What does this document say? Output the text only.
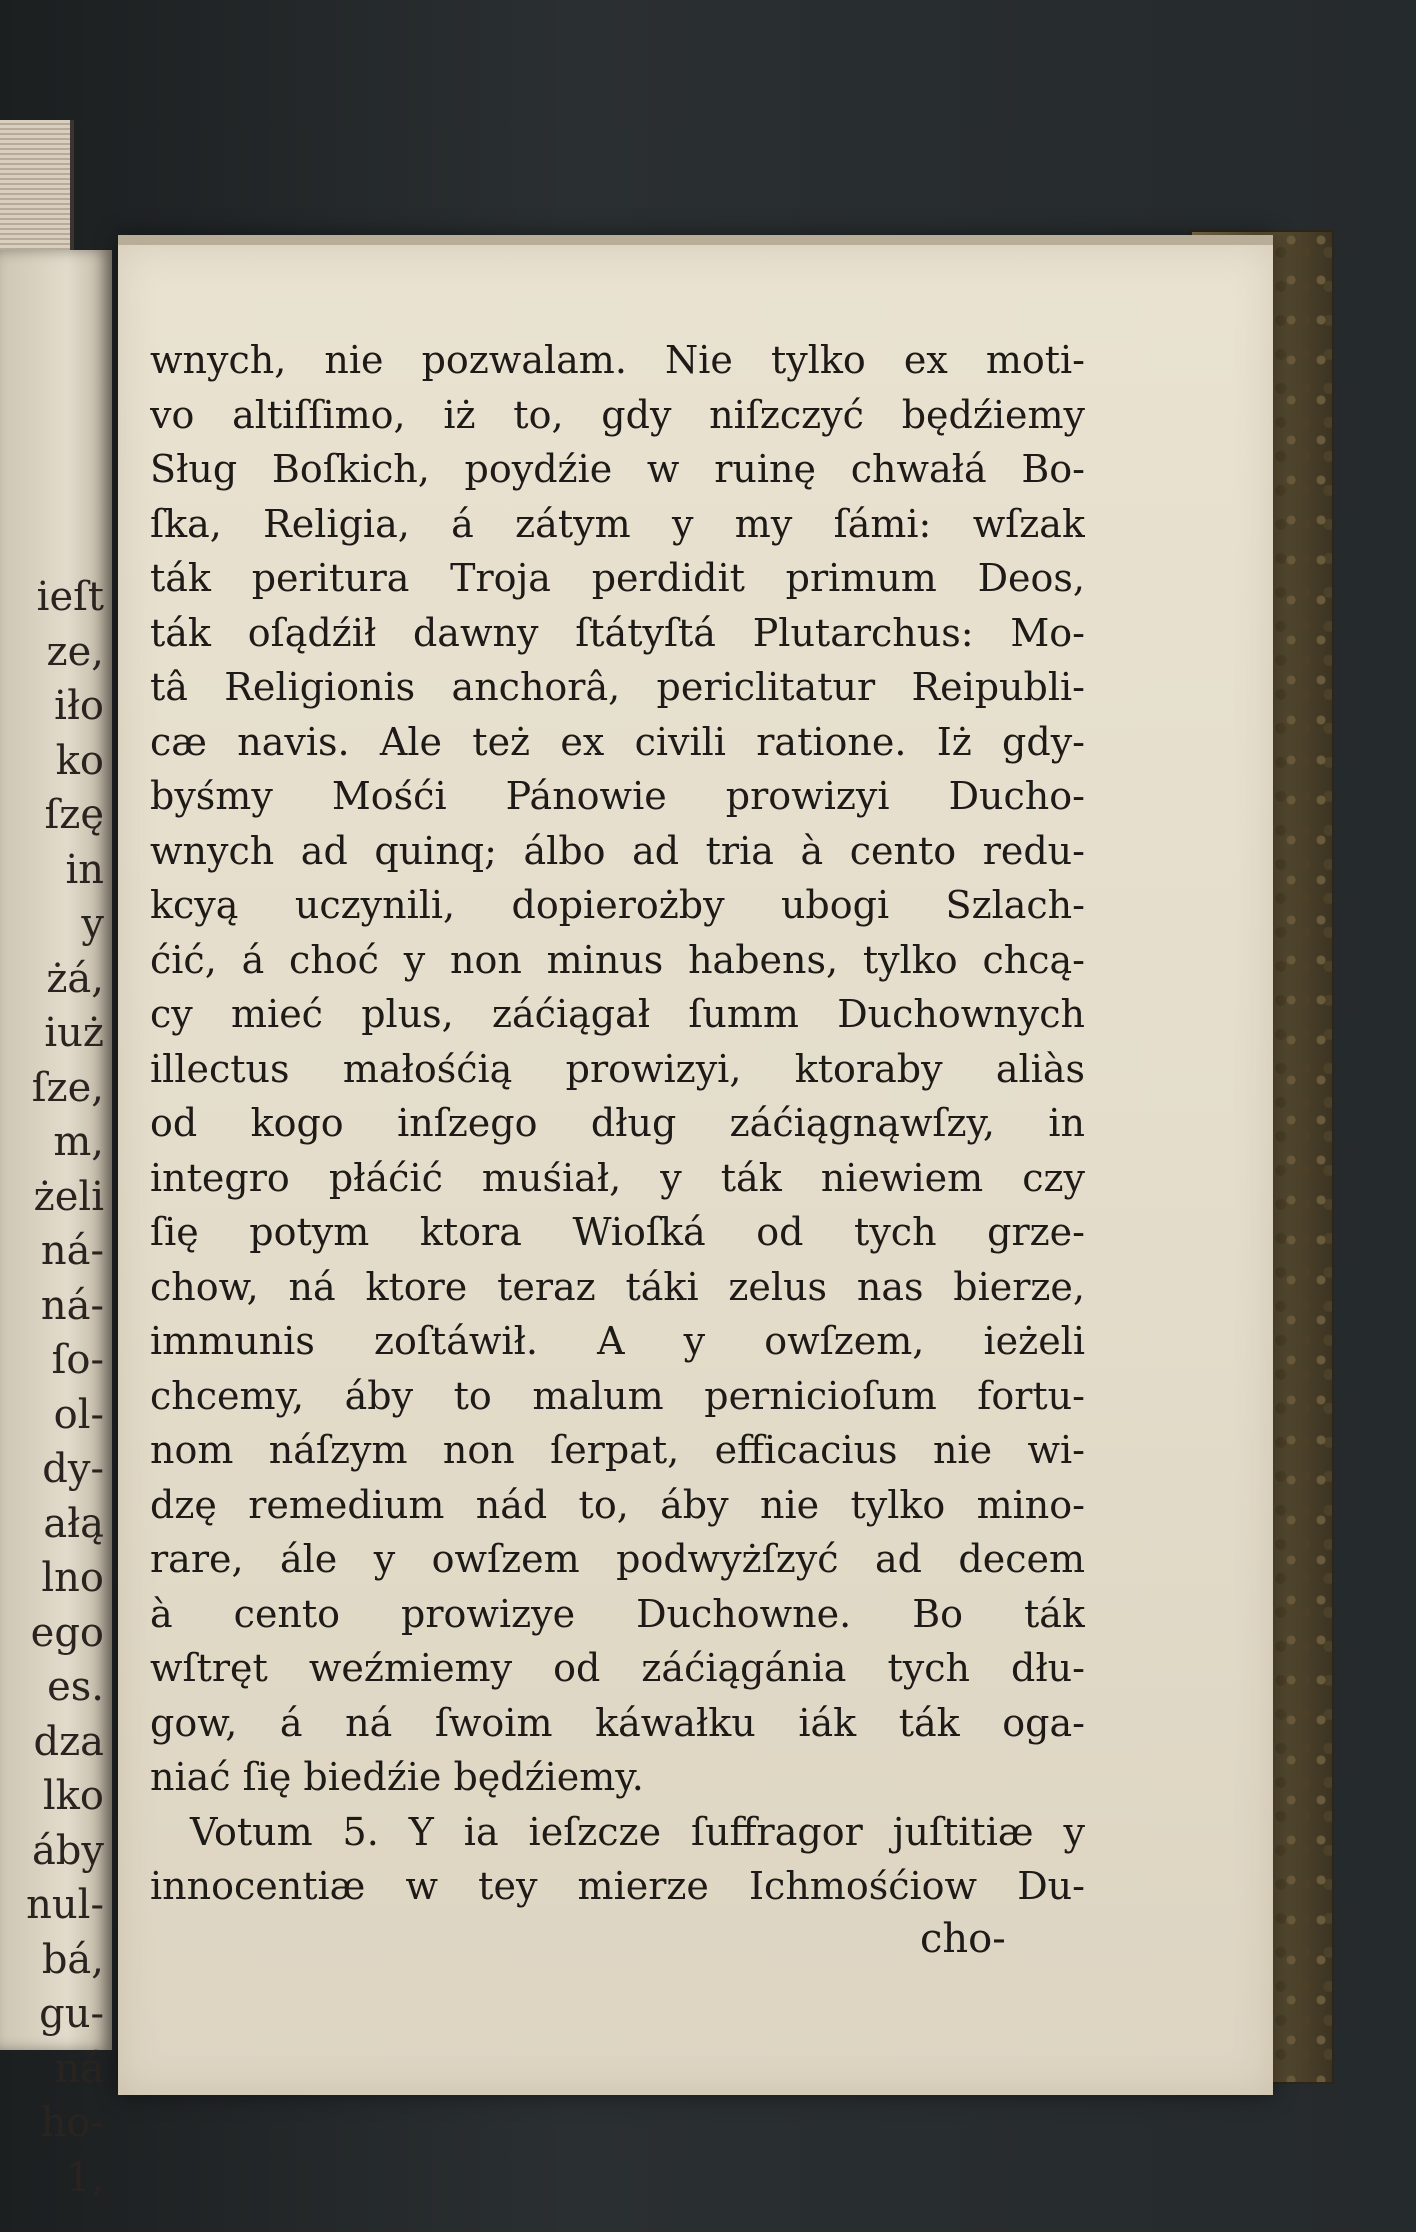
ieſt
ze,
iło
ko
ſzę
in
y
żá,
iuż
ſze,
m,
żeli
ná-
ná-
ſo-
ol-
dy-
ałą
lno
ego
es.
dza
lko
áby
nul-
bá,
gu-
ná
ho-
1,
wnych, nie pozwalam. Nie tylko ex moti-
vo altiſſimo, iż to, gdy niſzczyć będźiemy
Sług Boſkich, poydźie w ruinę chwałá Bo-
ſka, Religia, á zátym y my ſámi: wſzak
ták peritura Troja perdidit primum Deos,
ták oſądźił dawny ſtátyſtá Plutarchus: Mo-
tâ Religionis anchorâ, periclitatur Reipubli-
cæ navis. Ale też ex civili ratione. Iż gdy-
byśmy Mośći Pánowie prowizyi Ducho-
wnych ad quinq; álbo ad tria à cento redu-
kcyą uczynili, dopierożby ubogi Szlach-
ćić, á choć y non minus habens, tylko chcą-
cy mieć plus, záćiągał ſumm Duchownych
illectus małośćią prowizyi, ktoraby aliàs
od kogo inſzego dług záćiągnąwſzy, in
integro płáćić muśiał, y ták niewiem czy
ſię potym ktora Wioſká od tych grze-
chow, ná ktore teraz táki zelus nas bierze,
immunis zoſtáwił. A y owſzem, ieżeli
chcemy, áby to malum pernicioſum fortu-
nom náſzym non ſerpat, efficacius nie wi-
dzę remedium nád to, áby nie tylko mino-
rare, ále y owſzem podwyżſzyć ad decem
à cento prowizye Duchowne. Bo ták
wſtręt weźmiemy od záćiągánia tych dłu-
gow, á ná ſwoim káwałku iák ták oga-
niać ſię biedźie będźiemy.
Votum 5. Y ia ieſzcze ſuffragor juſtitiæ y
innocentiæ w tey mierze Ichmośćiow Du-
cho-
